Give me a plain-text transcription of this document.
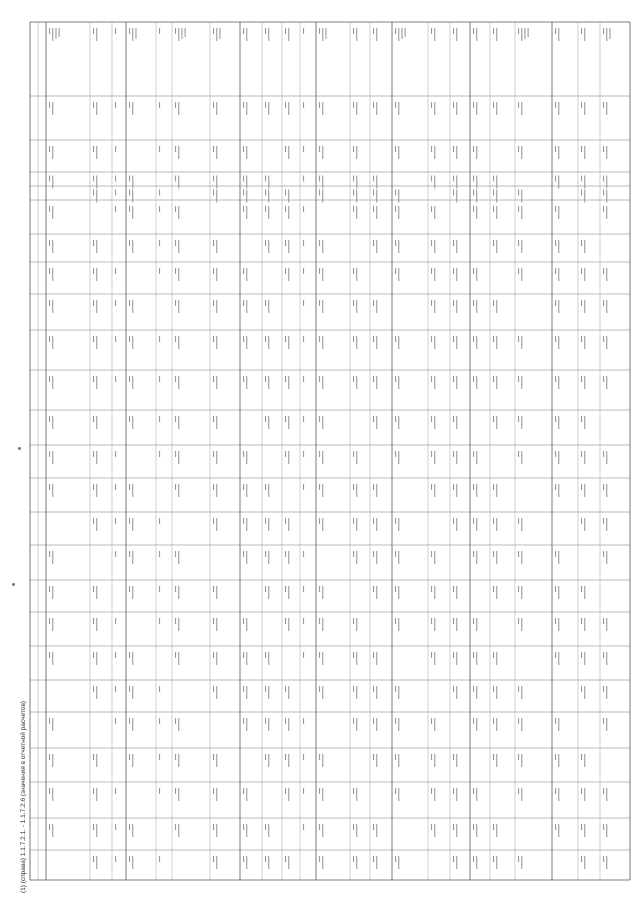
(1) (справа) 1.1.7.2.1. - 1.1.7.2.6 (значения в отчетной расчетов)
